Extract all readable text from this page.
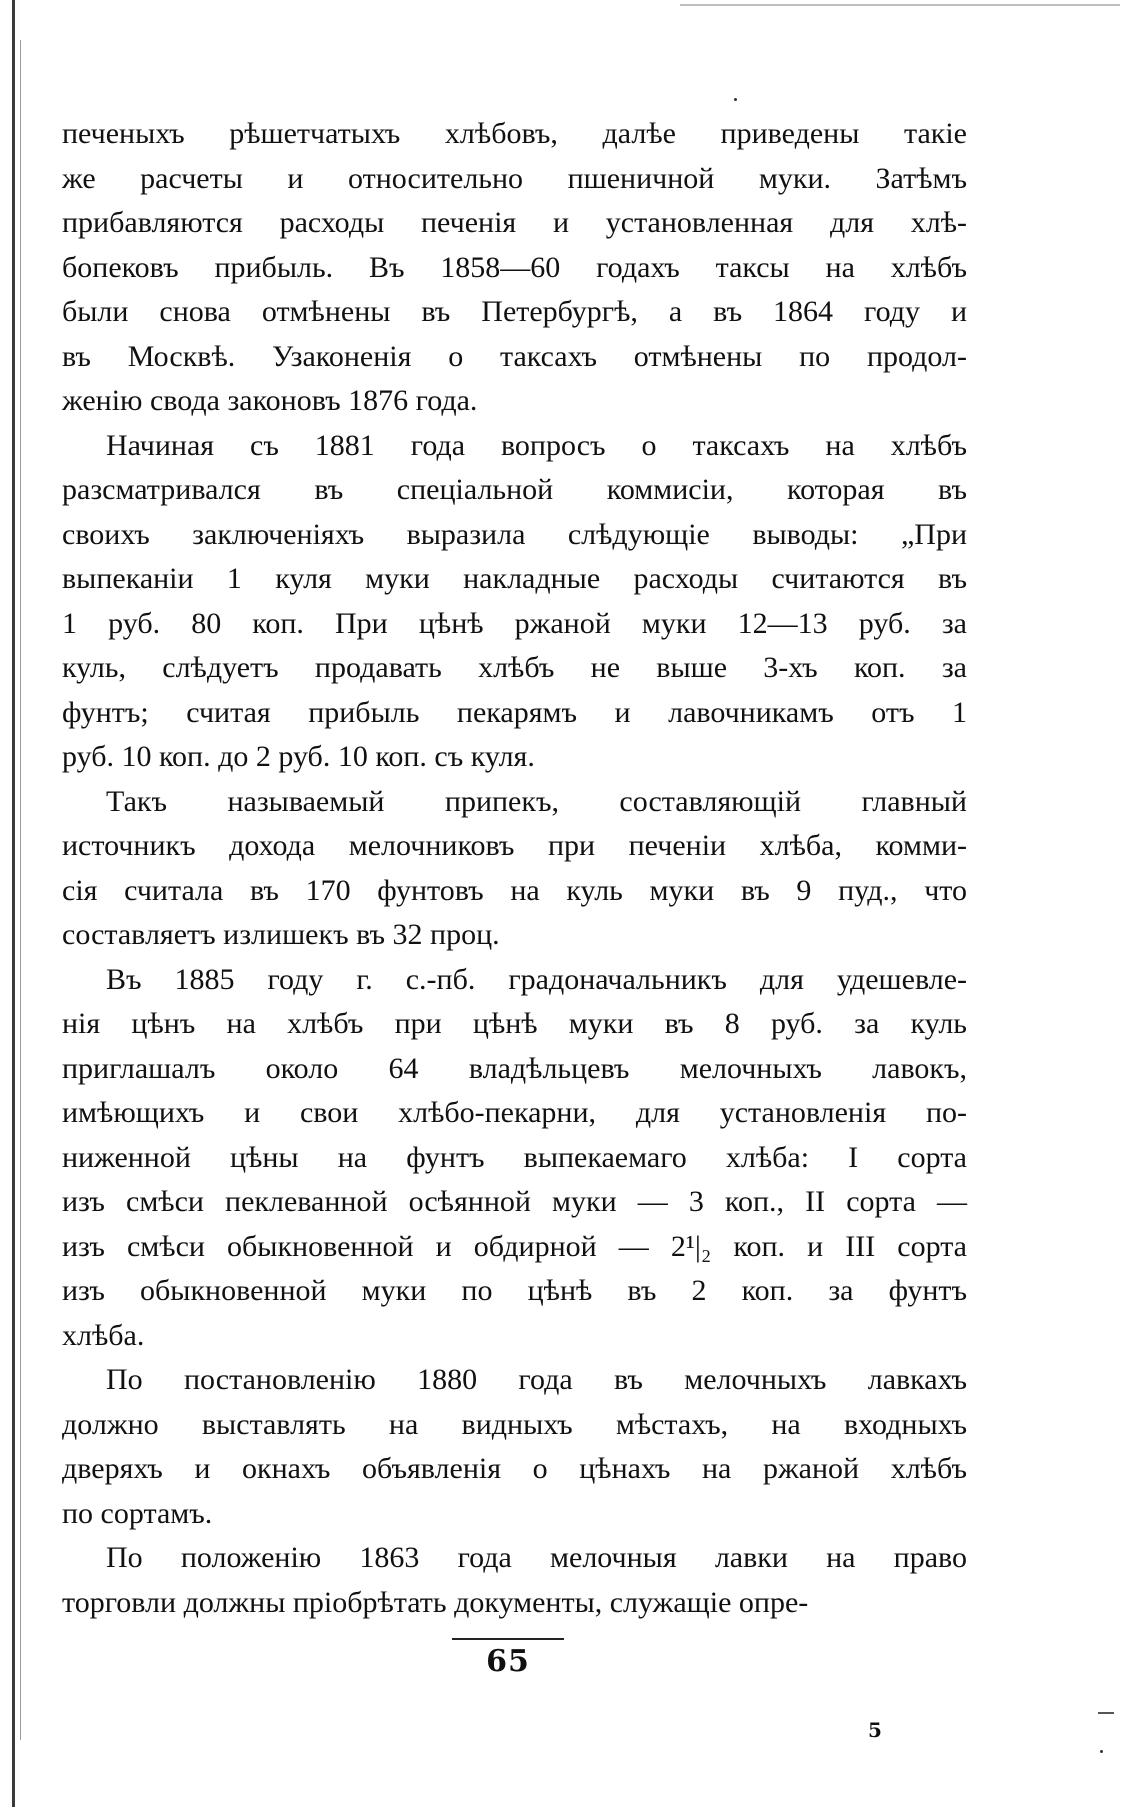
печеныхъ рѣшетчатыхъ хлѣбовъ, далѣе приведены такіе
же расчеты и относительно пшеничной муки. Затѣмъ
прибавляются расходы печенія и установленная для хлѣ-
бопековъ прибыль. Въ 1858—60 годахъ таксы на хлѣбъ
были снова отмѣнены въ Петербургѣ, а въ 1864 году и
въ Москвѣ. Узаконенія о таксахъ отмѣнены по продол-
женію свода законовъ 1876 года.
Начиная съ 1881 года вопросъ о таксахъ на хлѣбъ
разсматривался въ спеціальной коммисіи, которая въ
своихъ заключеніяхъ выразила слѣдующіе выводы: „При
выпеканіи 1 куля муки накладные расходы считаются въ
1 руб. 80 коп. При цѣнѣ ржаной муки 12—13 руб. за
куль, слѣдуетъ продавать хлѣбъ не выше 3-хъ коп. за
фунтъ; считая прибыль пекарямъ и лавочникамъ отъ 1
руб. 10 коп. до 2 руб. 10 коп. съ куля.
Такъ называемый припекъ, составляющій главный
источникъ дохода мелочниковъ при печеніи хлѣба, комми-
сія считала въ 170 фунтовъ на куль муки въ 9 пуд., что
составляетъ излишекъ въ 32 проц.
Въ 1885 году г. с.-пб. градоначальникъ для удешевле-
нія цѣнъ на хлѣбъ при цѣнѣ муки въ 8 руб. за куль
приглашалъ около 64 владѣльцевъ мелочныхъ лавокъ,
имѣющихъ и свои хлѣбо-пекарни, для установленія по-
ниженной цѣны на фунтъ выпекаемаго хлѣба: I сорта
изъ смѣси пеклеванной осѣянной муки — 3 коп., II сорта —
изъ смѣси обыкновенной и обдирной — 2¹|₂ коп. и III сорта
изъ обыкновенной муки по цѣнѣ въ 2 коп. за фунтъ
хлѣба.
По постановленію 1880 года въ мелочныхъ лавкахъ
должно выставлять на видныхъ мѣстахъ, на входныхъ
дверяхъ и окнахъ объявленія о цѣнахъ на ржаной хлѣбъ
по сортамъ.
По положенію 1863 года мелочныя лавки на право
торговли должны пріобрѣтать документы, служащіе опре-
65
5
